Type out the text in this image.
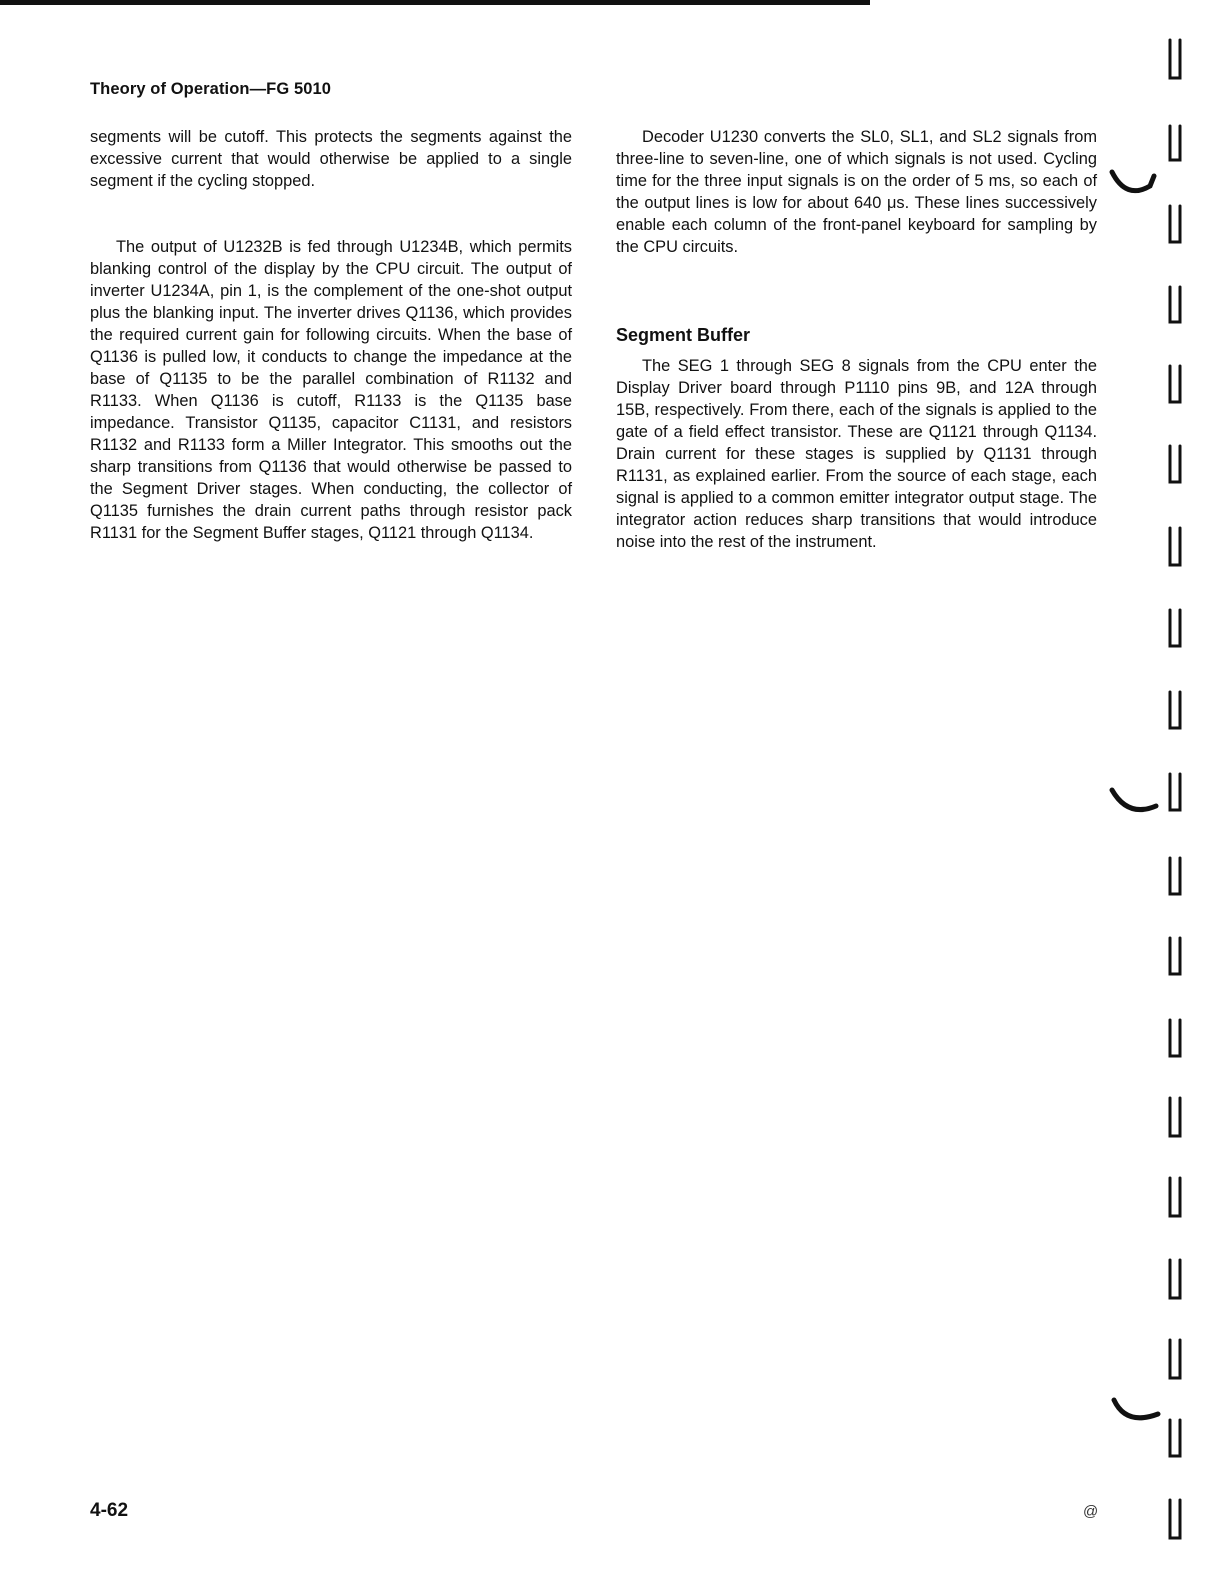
Theory of Operation—FG 5010

segments will be cutoff. This protects the segments against the excessive current that would otherwise be applied to a single segment if the cycling stopped.

The output of U1232B is fed through U1234B, which permits blanking control of the display by the CPU circuit. The output of inverter U1234A, pin 1, is the complement of the one-shot output plus the blanking input. The inverter drives Q1136, which provides the required current gain for following circuits. When the base of Q1136 is pulled low, it conducts to change the impedance at the base of Q1135 to be the parallel combination of R1132 and R1133. When Q1136 is cutoff, R1133 is the Q1135 base impedance. Transistor Q1135, capacitor C1131, and resistors R1132 and R1133 form a Miller Integrator. This smooths out the sharp transitions from Q1136 that would otherwise be passed to the Segment Driver stages. When conducting, the collector of Q1135 furnishes the drain current paths through resistor pack R1131 for the Segment Buffer stages, Q1121 through Q1134.

Decoder U1230 converts the SL0, SL1, and SL2 signals from three-line to seven-line, one of which signals is not used. Cycling time for the three input signals is on the order of 5 ms, so each of the output lines is low for about 640 μs. These lines successively enable each column of the front-panel keyboard for sampling by the CPU circuits.

Segment Buffer

The SEG 1 through SEG 8 signals from the CPU enter the Display Driver board through P1110 pins 9B, and 12A through 15B, respectively. From there, each of the signals is applied to the gate of a field effect transistor. These are Q1121 through Q1134. Drain current for these stages is supplied by Q1131 through R1131, as explained earlier. From the source of each stage, each signal is applied to a common emitter integrator output stage. The integrator action reduces sharp transitions that would introduce noise into the rest of the instrument.

4-62	@
